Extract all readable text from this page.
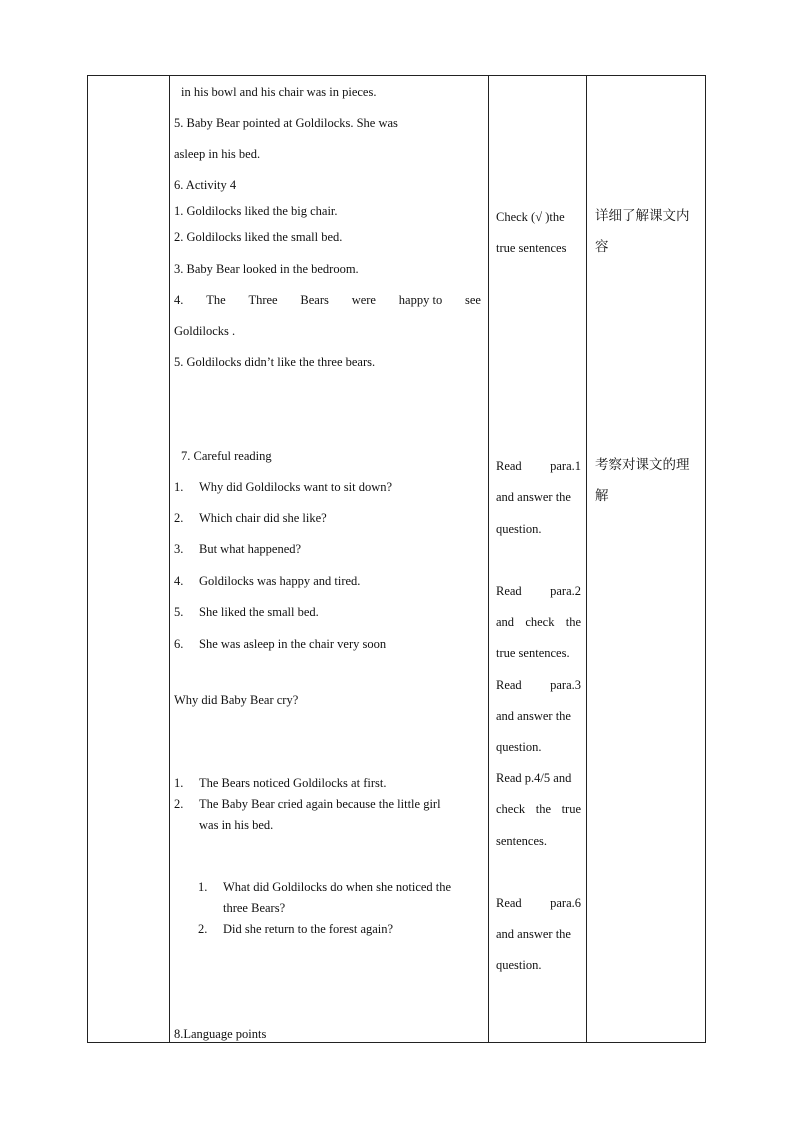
in his bowl and his chair was in pieces.
5. Baby Bear pointed at Goldilocks. She was
asleep in his bed.
6. Activity 4
1. Goldilocks liked the big chair.
2. Goldilocks liked the small bed.
3. Baby Bear looked in the bedroom.
4. The Three Bears were happy to see
Goldilocks .
5. Goldilocks didn’t like the three bears.
7. Careful reading
1. Why did Goldilocks want to sit down?
2. Which chair did she like?
3. But what happened?
4. Goldilocks was happy and tired.
5. She liked the small bed.
6. She was asleep in the chair very soon
Why did Baby Bear cry?
1. The Bears noticed Goldilocks at first.
2. The Baby Bear cried again because the little girl
was in his bed.
1. What did Goldilocks do when she noticed the
three Bears?
2. Did she return to the forest again?
8.Language points
Check (√ )the
true sentences
Read para.1
and answer the
question.
Read para.2
and check the
true sentences.
Read para.3
and answer the
question.
Read p.4/5 and
check the true
sentences.
Read para.6
and answer the
question.
详细了解课文内
容
考察对课文的理
解
